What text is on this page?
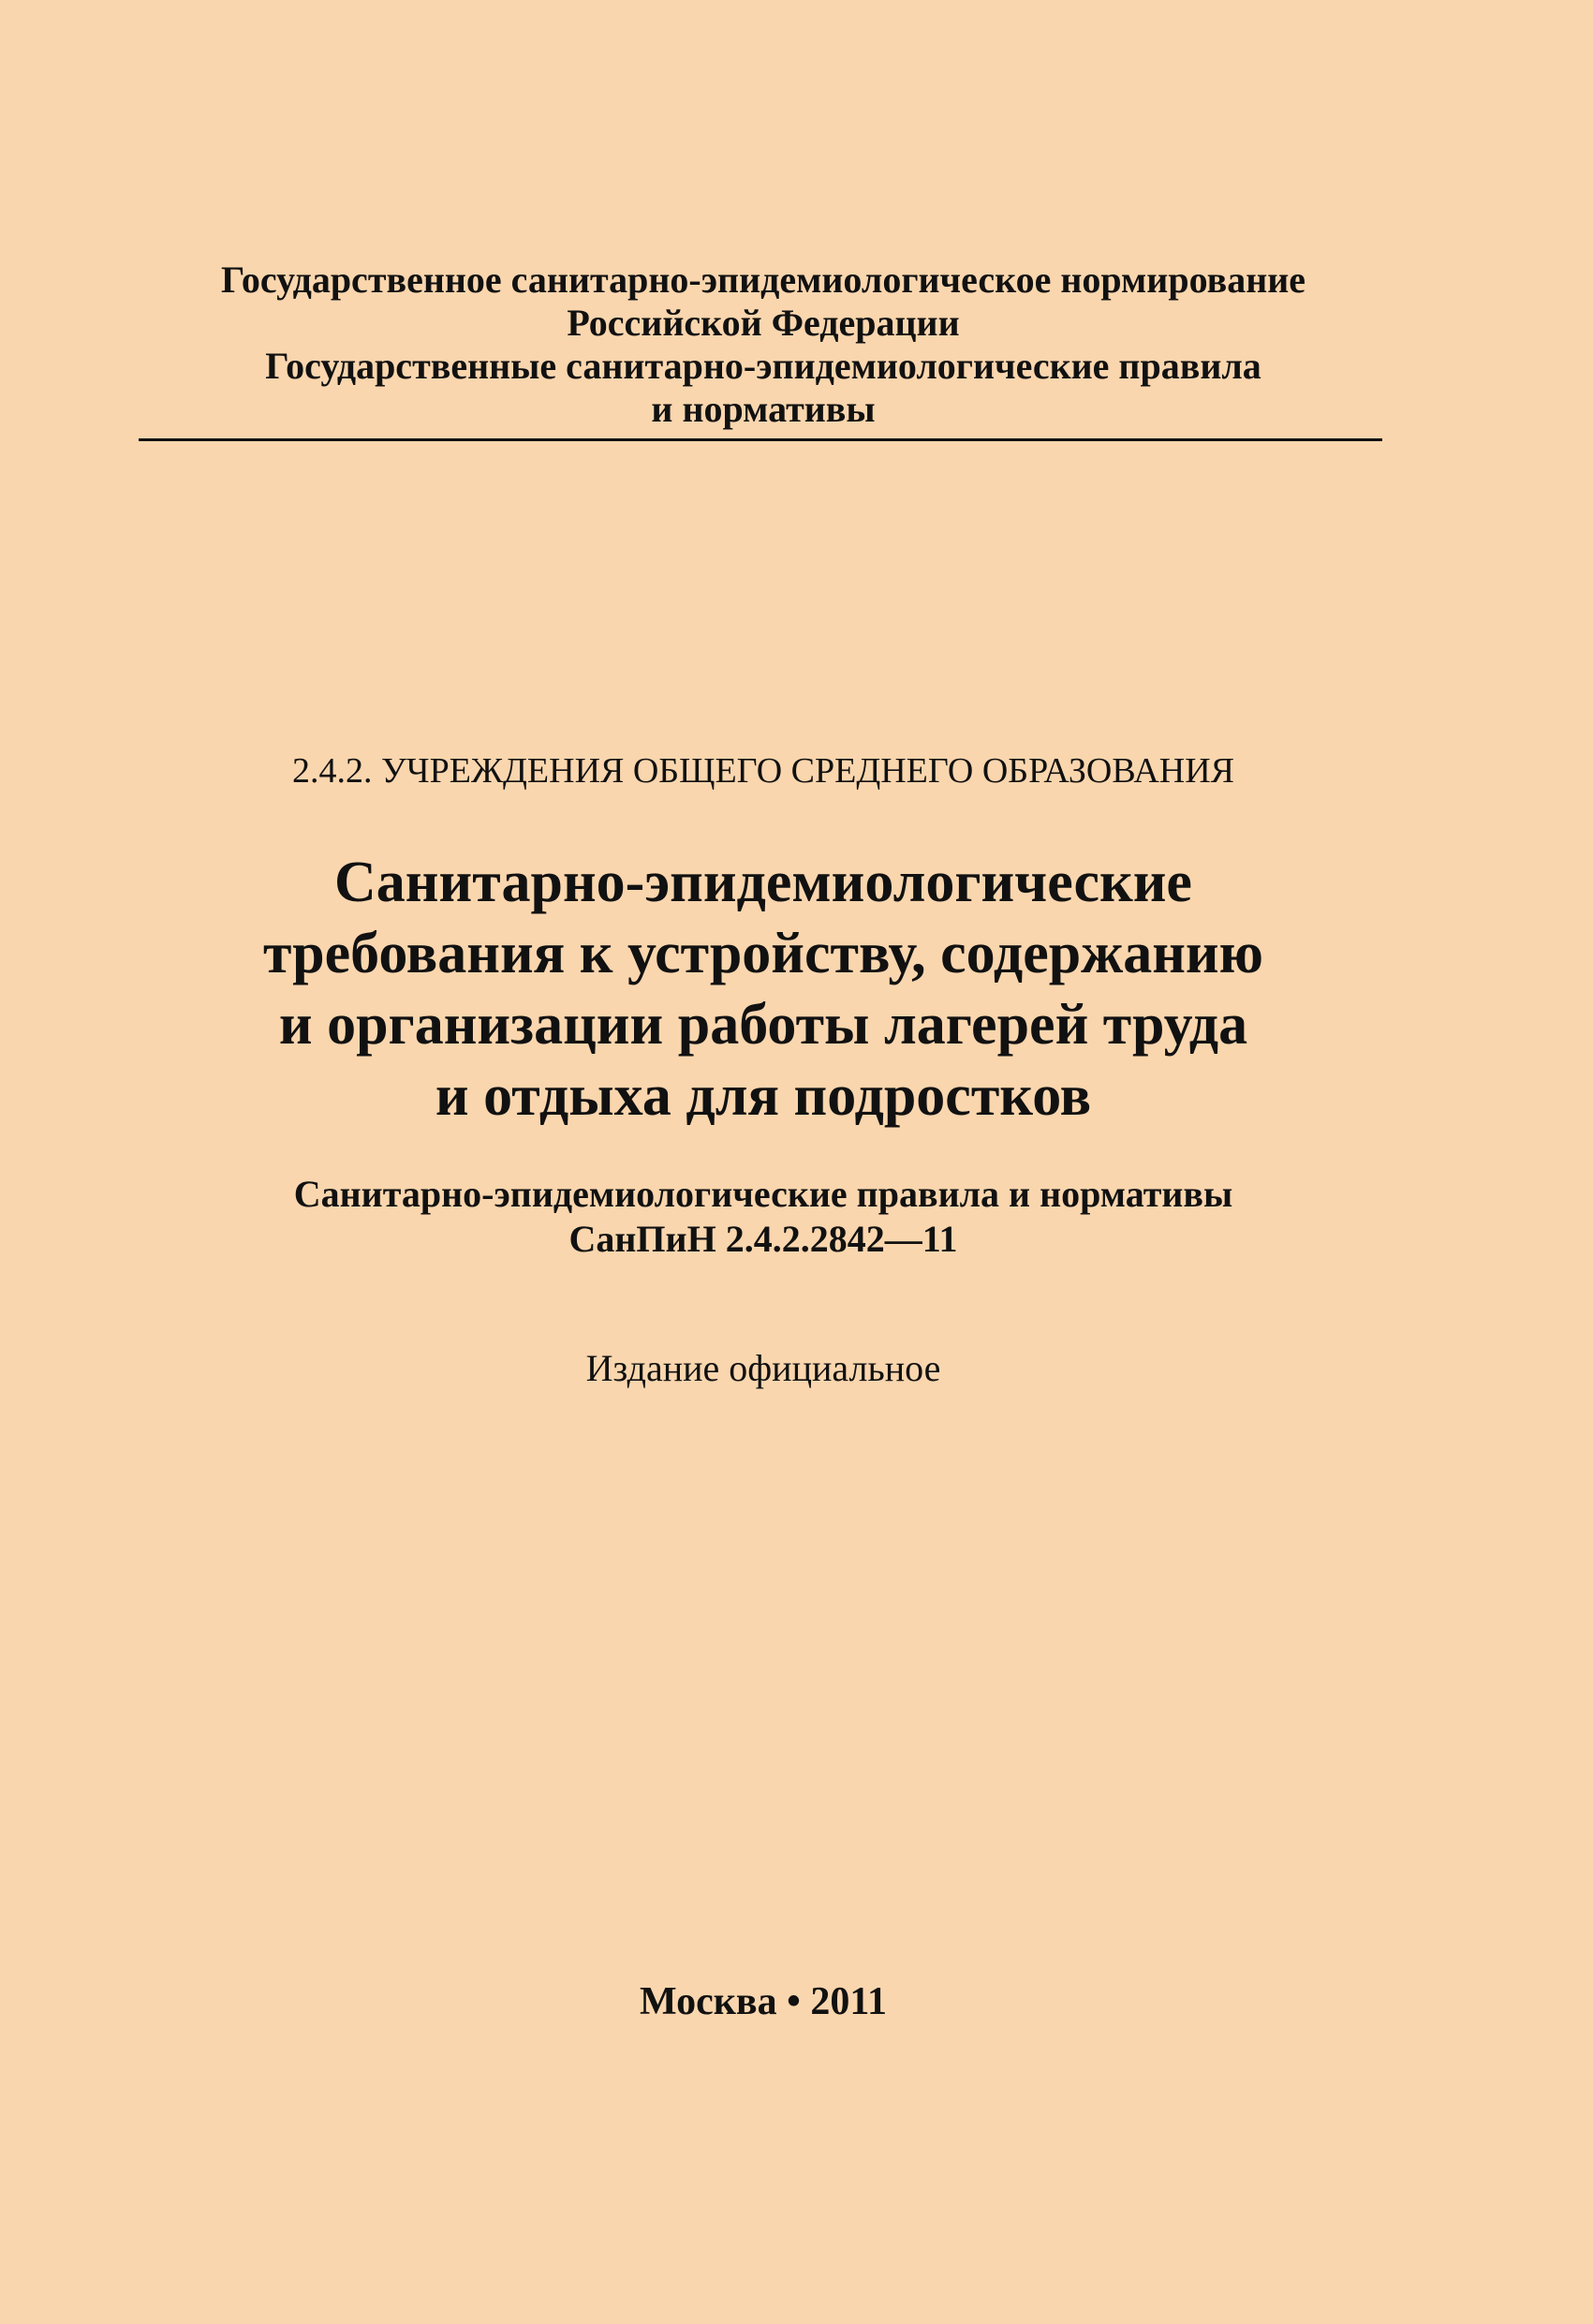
Государственное санитарно-эпидемиологическое нормирование
Российской Федерации
Государственные санитарно-эпидемиологические правила
и нормативы
2.4.2. УЧРЕЖДЕНИЯ ОБЩЕГО СРЕДНЕГО ОБРАЗОВАНИЯ
Санитарно-эпидемиологические
требования к устройству, содержанию
и организации работы лагерей труда
и отдыха для подростков
Санитарно-эпидемиологические правила и нормативы
СанПиН 2.4.2.2842—11
Издание официальное
Москва • 2011
